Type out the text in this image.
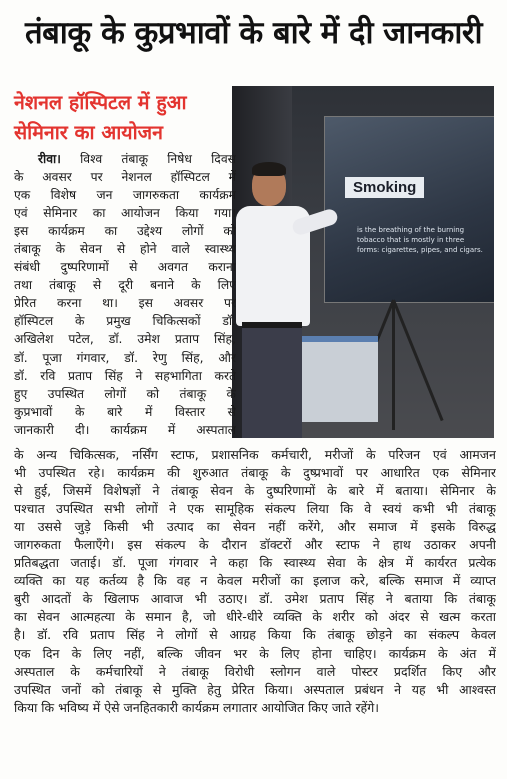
तंबाकू के कुप्रभावों के बारे में दी जानकारी
नेशनल हॉस्पिटल में हुआ
सेमिनार का आयोजन
Smoking
is the breathing of the burning tobacco that is mostly in three forms: cigarettes, pipes, and cigars.
रीवा। विश्व तंबाकू निषेध दिवस
के अवसर पर नेशनल हॉस्पिटल में
एक विशेष जन जागरुकता कार्यक्रम
एवं सेमिनार का आयोजन किया गया।
इस कार्यक्रम का उद्देश्य लोगों को
तंबाकू के सेवन से होने वाले स्वास्थ्य
संबंधी दुष्परिणामों से अवगत कराना
तथा तंबाकू से दूरी बनाने के लिए
प्रेरित करना था। इस अवसर पर
हॉस्पिटल के प्रमुख चिकित्सकों डॉ.
अखिलेश पटेल, डॉ. उमेश प्रताप सिंह,
डॉ. पूजा गंगवार, डॉ. रेणु सिंह, और
डॉ. रवि प्रताप सिंह ने सहभागिता करते
हुए उपस्थित लोगों को तंबाकू के
कुप्रभावों के बारे में विस्तार से
जानकारी दी। कार्यक्रम में अस्पताल
के अन्य चिकित्सक, नर्सिंग स्टाफ, प्रशासनिक कर्मचारी, मरीजों के परिजन एवं आमजन
भी उपस्थित रहे। कार्यक्रम की शुरुआत तंबाकू के दुष्प्रभावों पर आधारित एक सेमिनार
से हुई, जिसमें विशेषज्ञों ने तंबाकू सेवन के दुष्परिणामों के बारे में बताया। सेमिनार के
पश्चात उपस्थित सभी लोगों ने एक सामूहिक संकल्प लिया कि वे स्वयं कभी भी तंबाकू
या उससे जुड़े किसी भी उत्पाद का सेवन नहीं करेंगे, और समाज में इसके विरुद्ध
जागरुकता फैलाएँगे। इस संकल्प के दौरान डॉक्टरों और स्टाफ ने हाथ उठाकर अपनी
प्रतिबद्धता जताई। डॉ. पूजा गंगवार ने कहा कि स्वास्थ्य सेवा के क्षेत्र में कार्यरत प्रत्येक
व्यक्ति का यह कर्तव्य है कि वह न केवल मरीजों का इलाज करे, बल्कि समाज में व्याप्त
बुरी आदतों के खिलाफ आवाज भी उठाए। डॉ. उमेश प्रताप सिंह ने बताया कि तंबाकू
का सेवन आत्महत्या के समान है, जो धीरे-धीरे व्यक्ति के शरीर को अंदर से खत्म करता
है। डॉ. रवि प्रताप सिंह ने लोगों से आग्रह किया कि तंबाकू छोड़ने का संकल्प केवल
एक दिन के लिए नहीं, बल्कि जीवन भर के लिए होना चाहिए। कार्यक्रम के अंत में
अस्पताल के कर्मचारियों ने तंबाकू विरोधी स्लोगन वाले पोस्टर प्रदर्शित किए और
उपस्थित जनों को तंबाकू से मुक्ति हेतु प्रेरित किया। अस्पताल प्रबंधन ने यह भी आश्वस्त
किया कि भविष्य में ऐसे जनहितकारी कार्यक्रम लगातार आयोजित किए जाते रहेंगे।
